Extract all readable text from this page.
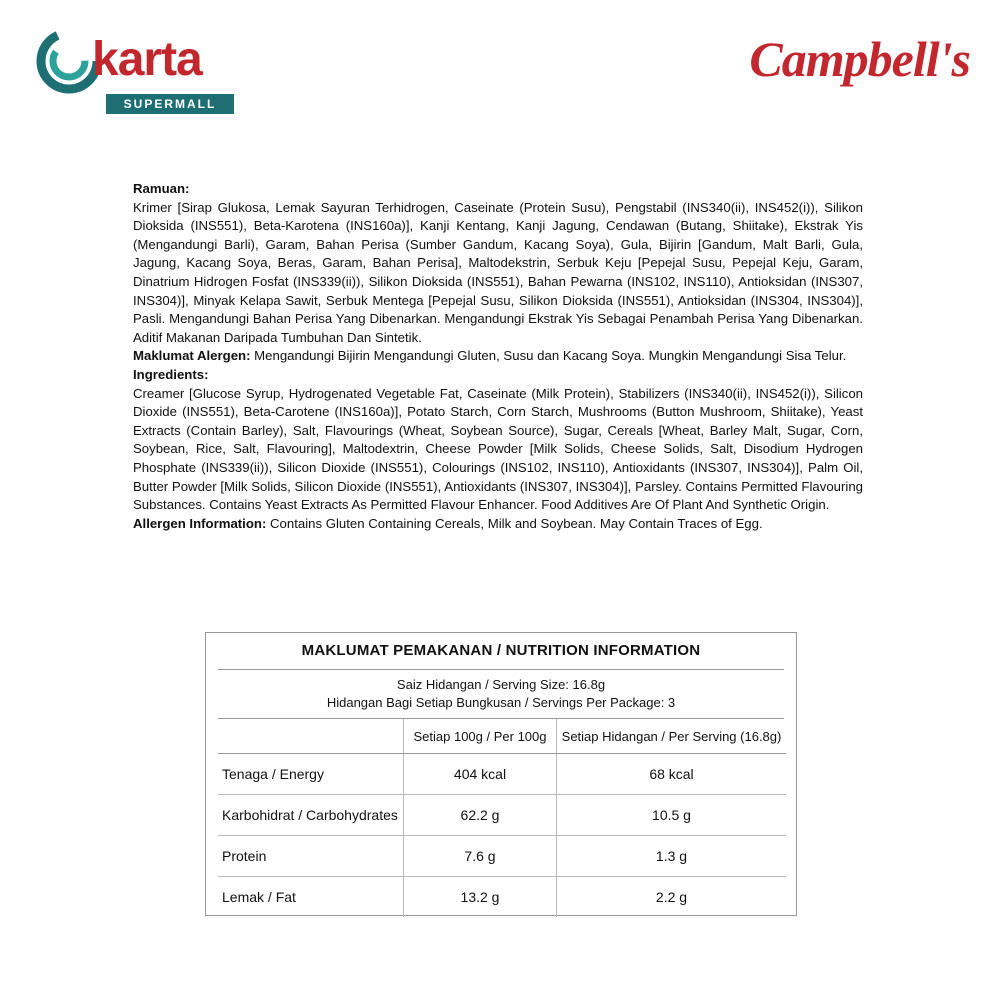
karta
SUPERMALL
Campbell's

Ramuan:

Krimer [Sirap Glukosa, Lemak Sayuran Terhidrogen, Caseinate (Protein Susu), Pengstabil (INS340(ii), INS452(i)), Silikon Dioksida (INS551), Beta-Karotena (INS160a)], Kanji Kentang, Kanji Jagung, Cendawan (Butang, Shiitake), Ekstrak Yis (Mengandungi Barli), Garam, Bahan Perisa (Sumber Gandum, Kacang Soya), Gula, Bijirin [Gandum, Malt Barli, Gula, Jagung, Kacang Soya, Beras, Garam, Bahan Perisa], Maltodekstrin, Serbuk Keju [Pepejal Susu, Pepejal Keju, Garam, Dinatrium Hidrogen Fosfat (INS339(ii)), Silikon Dioksida (INS551), Bahan Pewarna (INS102, INS110), Antioksidan (INS307, INS304)], Minyak Kelapa Sawit, Serbuk Mentega [Pepejal Susu, Silikon Dioksida (INS551), Antioksidan (INS304, INS304)], Pasli. Mengandungi Bahan Perisa Yang Dibenarkan. Mengandungi Ekstrak Yis Sebagai Penambah Perisa Yang Dibenarkan. Aditif Makanan Daripada Tumbuhan Dan Sintetik.

Maklumat Alergen: Mengandungi Bijirin Mengandungi Gluten, Susu dan Kacang Soya. Mungkin Mengandungi Sisa Telur.

Ingredients:

Creamer [Glucose Syrup, Hydrogenated Vegetable Fat, Caseinate (Milk Protein), Stabilizers (INS340(ii), INS452(i)), Silicon Dioxide (INS551), Beta-Carotene (INS160a)], Potato Starch, Corn Starch, Mushrooms (Button Mushroom, Shiitake), Yeast Extracts (Contain Barley), Salt, Flavourings (Wheat, Soybean Source), Sugar, Cereals [Wheat, Barley Malt, Sugar, Corn, Soybean, Rice, Salt, Flavouring], Maltodextrin, Cheese Powder [Milk Solids, Cheese Solids, Salt, Disodium Hydrogen Phosphate (INS339(ii)), Silicon Dioxide (INS551), Colourings (INS102, INS110), Antioxidants (INS307, INS304)], Palm Oil, Butter Powder [Milk Solids, Silicon Dioxide (INS551), Antioxidants (INS307, INS304)], Parsley. Contains Permitted Flavouring Substances. Contains Yeast Extracts As Permitted Flavour Enhancer. Food Additives Are Of Plant And Synthetic Origin.

Allergen Information: Contains Gluten Containing Cereals, Milk and Soybean. May Contain Traces of Egg.

MAKLUMAT PEMAKANAN / NUTRITION INFORMATION
Saiz Hidangan / Serving Size: 16.8g
Hidangan Bagi Setiap Bungkusan / Servings Per Package: 3
	Setiap 100g / Per 100g	Setiap Hidangan / Per Serving (16.8g)
Tenaga / Energy	404 kcal	68 kcal
Karbohidrat / Carbohydrates	62.2 g	10.5 g
Protein	7.6 g	1.3 g
Lemak / Fat	13.2 g	2.2 g
